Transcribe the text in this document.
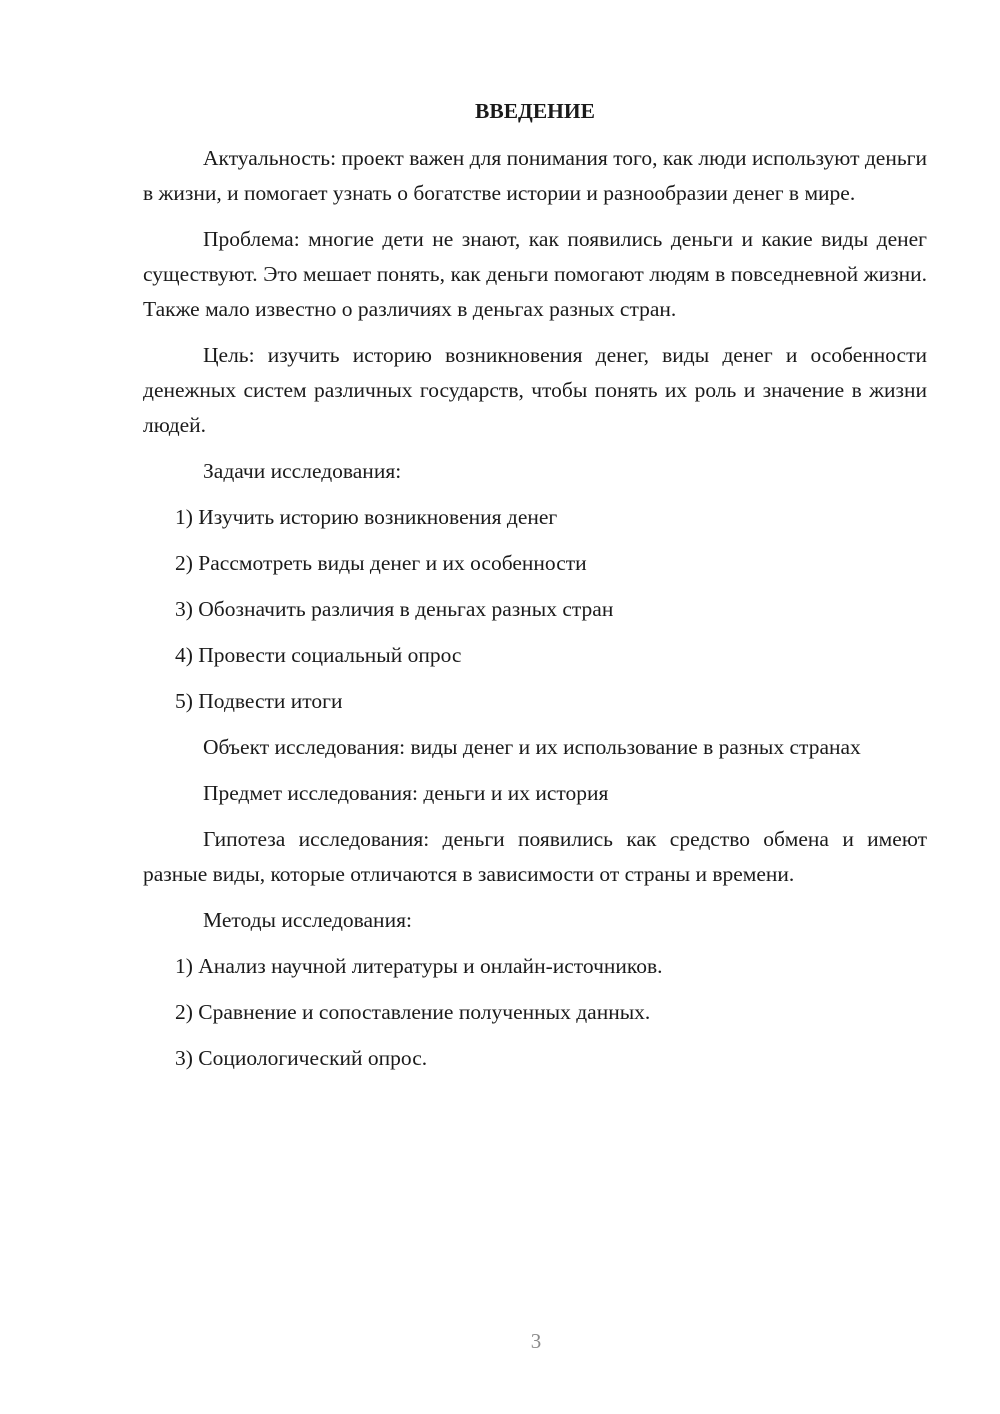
ВВЕДЕНИЕ

Актуальность: проект важен для понимания того, как люди используют деньги в жизни, и помогает узнать о богатстве истории и разнообразии денег в мире.

Проблема: многие дети не знают, как появились деньги и какие виды денег существуют. Это мешает понять, как деньги помогают людям в повседневной жизни. Также мало известно о различиях в деньгах разных стран.

Цель: изучить историю возникновения денег, виды денег и особенности денежных систем различных государств, чтобы понять их роль и значение в жизни людей.

Задачи исследования:

1) Изучить историю возникновения денег
2) Рассмотреть виды денег и их особенности
3) Обозначить различия в деньгах разных стран
4) Провести социальный опрос
5) Подвести итоги

Объект исследования: виды денег и их использование в разных странах

Предмет исследования: деньги и их история

Гипотеза исследования: деньги появились как средство обмена и имеют разные виды, которые отличаются в зависимости от страны и времени.

Методы исследования:

1) Анализ научной литературы и онлайн-источников.
2) Сравнение и сопоставление полученных данных.
3) Социологический опрос.
3
